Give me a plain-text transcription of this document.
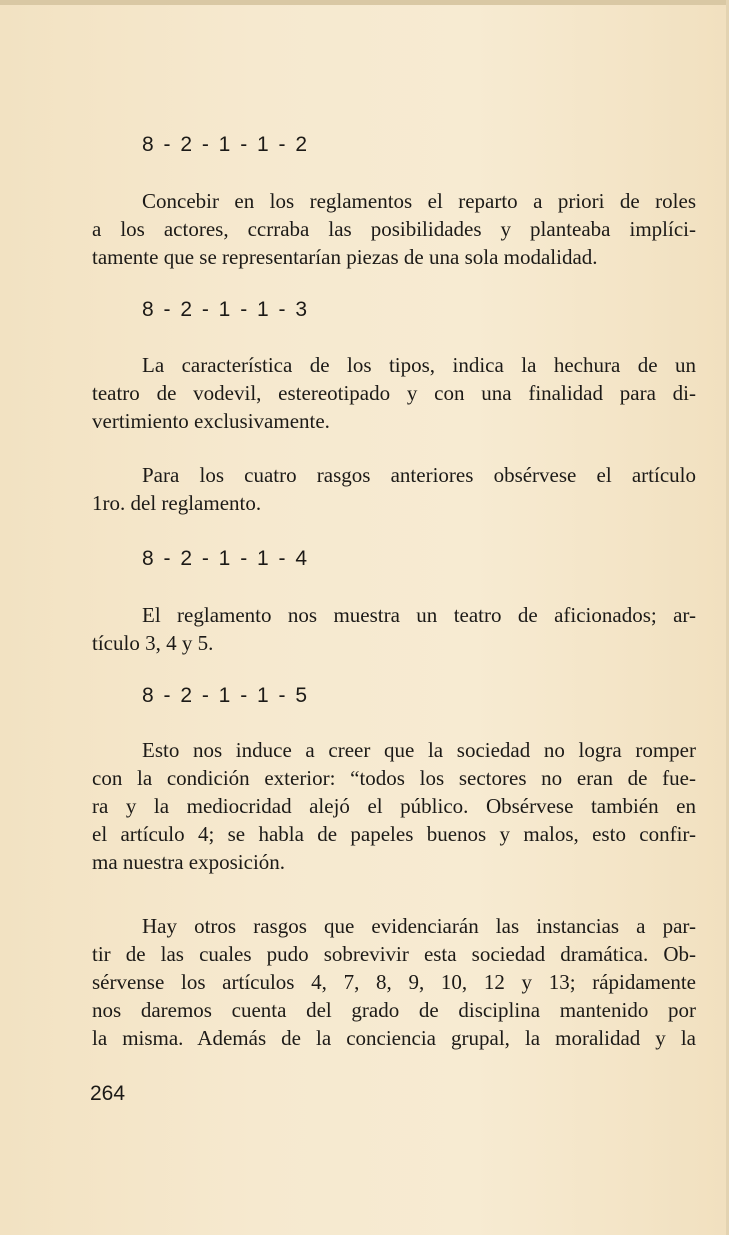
8 - 2 - 1 - 1 - 2
Concebir en los reglamentos el reparto a priori de roles
a los actores, ccrraba las posibilidades y planteaba implíci-
tamente que se representarían piezas de una sola modalidad.
8 - 2 - 1 - 1 - 3
La característica de los tipos, indica la hechura de un
teatro de vodevil, estereotipado y con una finalidad para di-
vertimiento exclusivamente.
Para los cuatro rasgos anteriores obsérvese el artículo
1ro. del reglamento.
8 - 2 - 1 - 1 - 4
El reglamento nos muestra un teatro de aficionados; ar-
tículo 3, 4 y 5.
8 - 2 - 1 - 1 - 5
Esto nos induce a creer que la sociedad no logra romper
con la condición exterior: “todos los sectores no eran de fue-
ra y la mediocridad alejó el público. Obsérvese también en
el artículo 4; se habla de papeles buenos y malos, esto confir-
ma nuestra exposición.
Hay otros rasgos que evidenciarán las instancias a par-
tir de las cuales pudo sobrevivir esta sociedad dramática. Ob-
sérvense los artículos 4, 7, 8, 9, 10, 12 y 13; rápidamente
nos daremos cuenta del grado de disciplina mantenido por
la misma. Además de la conciencia grupal, la moralidad y la
264
